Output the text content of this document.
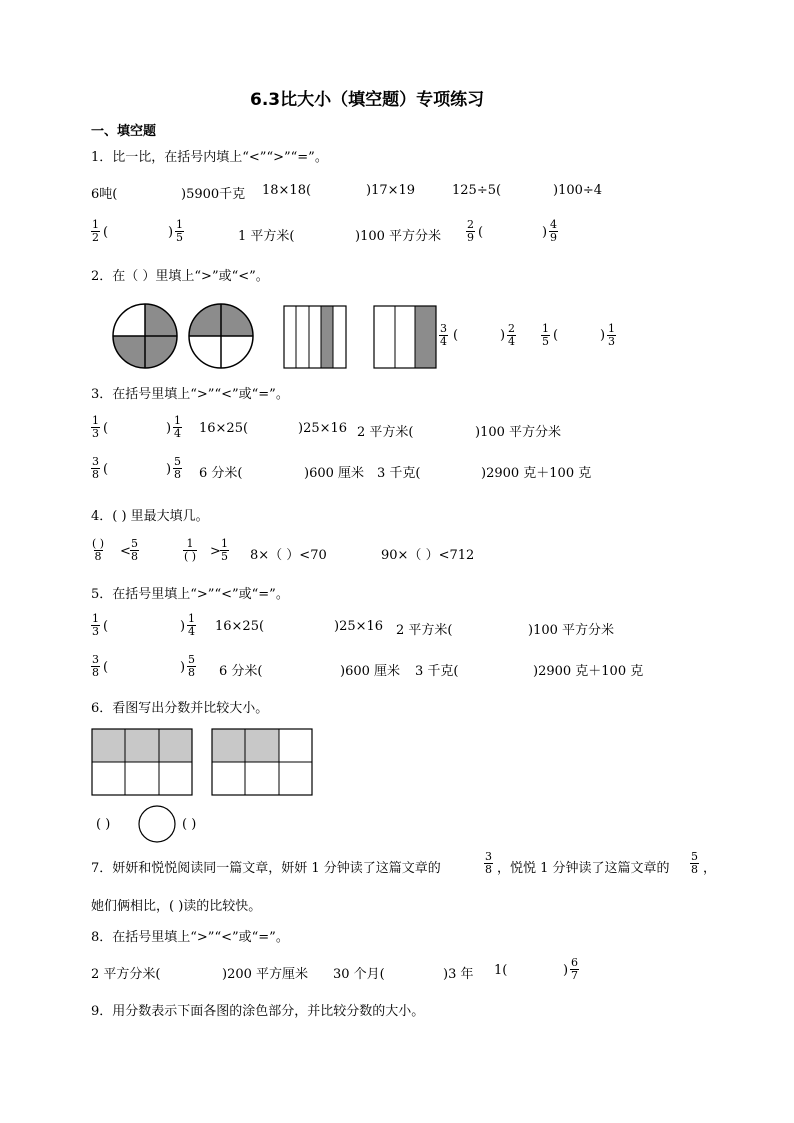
6.3比大小（填空题）专项练习
一、填空题
1．比一比，在括号内填上“<”“>”“=”。
6吨(	)5900千克 18×18(	)17×19	125÷5(	)100÷4
$\frac{1}{2}$ (	) $\frac{1}{5}$	1 平方米(	)100 平方分米 $\frac{2}{9}$ (	) $\frac{4}{9}$
2．在（ ）里填上“>”或“<”。
$\frac{3}{4}$ (	) $\frac{2}{4} \frac{1}{5}$ (	) $\frac{1}{3}$
3．在括号里填上“>”“<”或“=”。
$\frac{1}{3}$ (	) $\frac{1}{4} 16\times 25$(	)25×16 2 平方米(	)100 平方分米
$\frac{3}{8}$ (	) $\frac{5}{8} 6$ 分米(	)600 厘米 3 千克(	)2900 克＋100 克
4．( ) 里最大填几。
( )
$8 < \frac{5}{8}$	1
( ) > $\frac{1}{5} 8\times$（ ）<70	90×（ ）<712
5．在括号里填上“>”“<”或“=”。
$\frac{1}{3}$ (	) $\frac{1}{4} 16\times 25$(	)25×16 2 平方米(	)100 平方分米
$\frac{3}{8}$ (	) $\frac{5}{8} 6$ 分米(	)600 厘米 3 千克(	)2900 克＋100 克
6．看图写出分数并比较大小。
( )	( )
7．妍妍和悦悦阅读同一篇文章，妍妍 1 分钟读了这篇文章的	$\frac{3}{8}$ ，悦悦 1 分钟读了这篇文章的 $\frac{5}{8}$ ，
她们俩相比，( )读的比较快。
8．在括号里填上“>”“<”或“=”。
2 平方分米(	)200 平方厘米 30 个月(	)3 年 1(	) $\frac{6}{7}$
9．用分数表示下面各图的涂色部分，并比较分数的大小。
